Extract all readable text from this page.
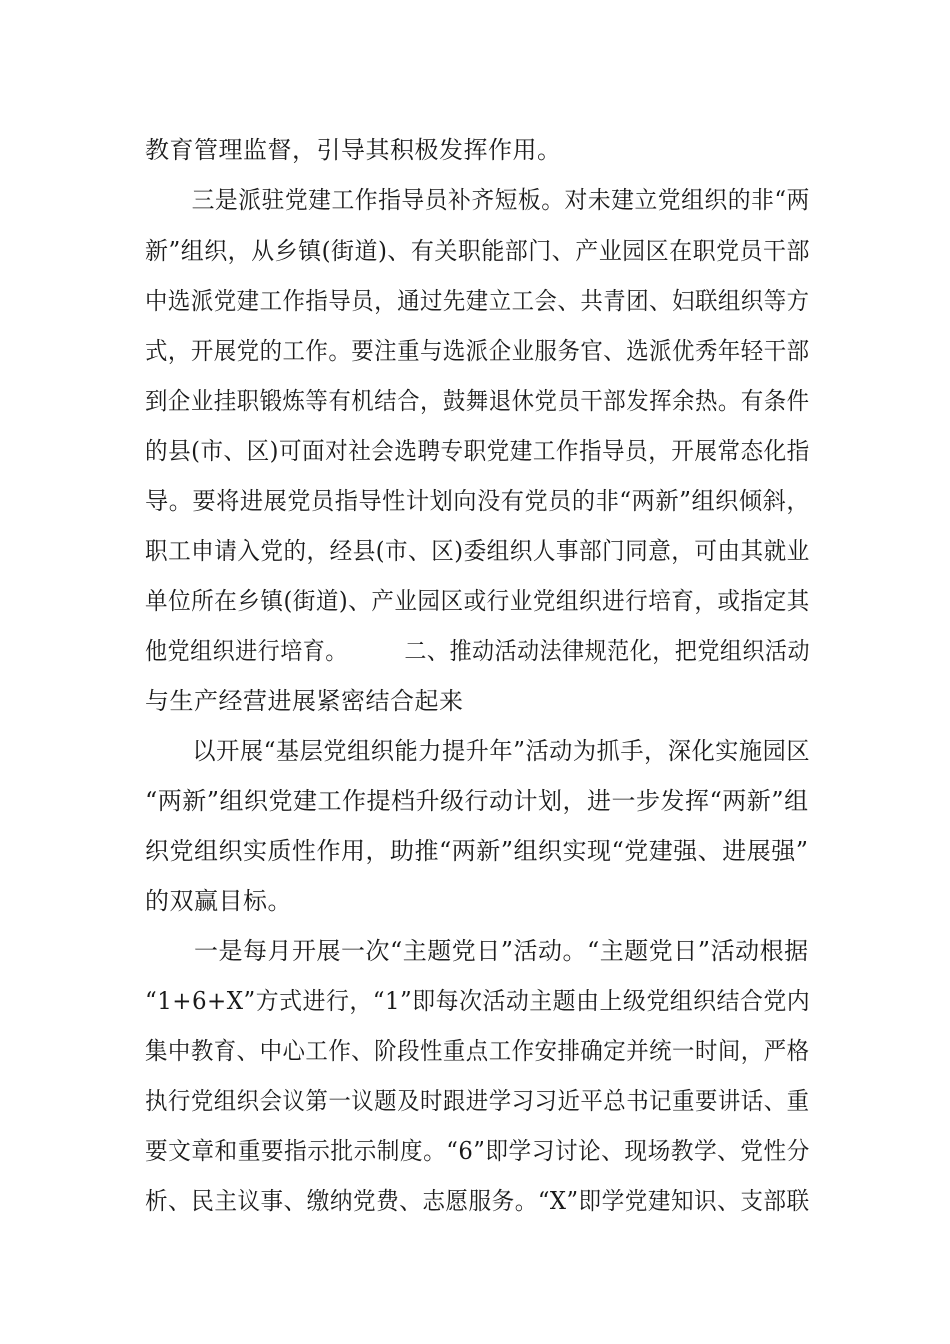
教育管理监督，引导其积极发挥作用。
　　三是派驻党建工作指导员补齐短板。对未建立党组织的非“两
新”组织，从乡镇(街道)、有关职能部门、产业园区在职党员干部
中选派党建工作指导员，通过先建立工会、共青团、妇联组织等方
式，开展党的工作。要注重与选派企业服务官、选派优秀年轻干部
到企业挂职锻炼等有机结合，鼓舞退休党员干部发挥余热。有条件
的县(市、区)可面对社会选聘专职党建工作指导员，开展常态化指
导。要将进展党员指导性计划向没有党员的非“两新”组织倾斜，
职工申请入党的，经县(市、区)委组织人事部门同意，可由其就业
单位所在乡镇(街道)、产业园区或行业党组织进行培育，或指定其
他党组织进行培育。　　　二、推动活动法律规范化，把党组织活动
与生产经营进展紧密结合起来
　　以开展“基层党组织能力提升年”活动为抓手，深化实施园区
“两新”组织党建工作提档升级行动计划，进一步发挥“两新”组
织党组织实质性作用，助推“两新”组织实现“党建强、进展强”
的双赢目标。
　　一是每月开展一次“主题党日”活动。“主题党日”活动根据
“1+6+X”方式进行，“1”即每次活动主题由上级党组织结合党内
集中教育、中心工作、阶段性重点工作安排确定并统一时间，严格
执行党组织会议第一议题及时跟进学习习近平总书记重要讲话、重
要文章和重要指示批示制度。“6”即学习讨论、现场教学、党性分
析、民主议事、缴纳党费、志愿服务。“X”即学党建知识、支部联
